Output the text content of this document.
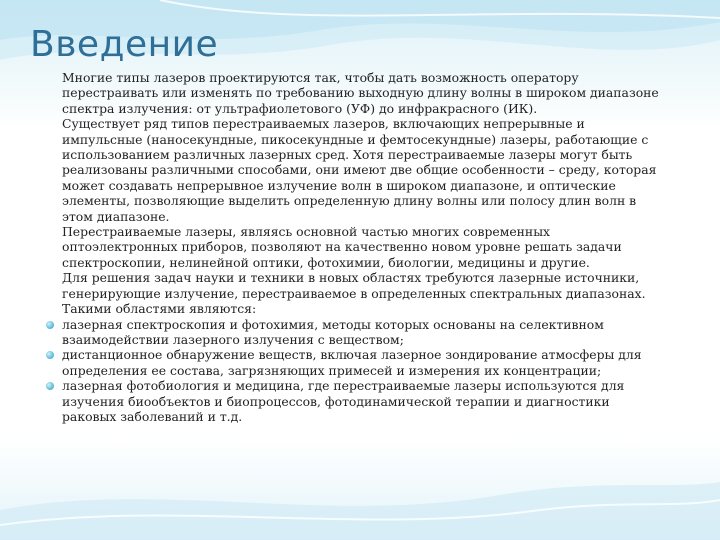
Введение

Многие типы лазеров проектируются так, чтобы дать возможность оператору перестраивать или изменять по требованию выходную длину волны в широком диапазоне спектра излучения: от ультрафиолетового (УФ) до инфракрасного (ИК).

Существует ряд типов перестраиваемых лазеров, включающих непрерывные и импульсные (наносекундные, пикосекундные и фемтосекундные) лазеры, работающие с использованием различных лазерных сред. Хотя перестраиваемые лазеры могут быть реализованы различными способами, они имеют две общие особенности – среду, которая может создавать непрерывное излучение волн в широком диапазоне, и оптические элементы, позволяющие выделить определенную длину волны или полосу длин волн в этом диапазоне.

Перестраиваемые лазеры, являясь основной частью многих современных оптоэлектронных приборов, позволяют на качественно новом уровне решать задачи спектроскопии, нелинейной оптики, фотохимии, биологии, медицины и другие.

Для решения задач науки и техники в новых областях требуются лазерные источники, генерирующие излучение, перестраиваемое в определенных спектральных диапазонах. Такими областями являются:

лазерная спектроскопия и фотохимия, методы которых основаны на селективном взаимодействии лазерного излучения с веществом;

дистанционное обнаружение веществ, включая лазерное зондирование атмосферы для определения ее состава, загрязняющих примесей и измерения их концентрации;

лазерная фотобиология и медицина, где перестраиваемые лазеры используются для изучения биообъектов и биопроцессов, фотодинамической терапии и диагностики раковых заболеваний и т.д.
